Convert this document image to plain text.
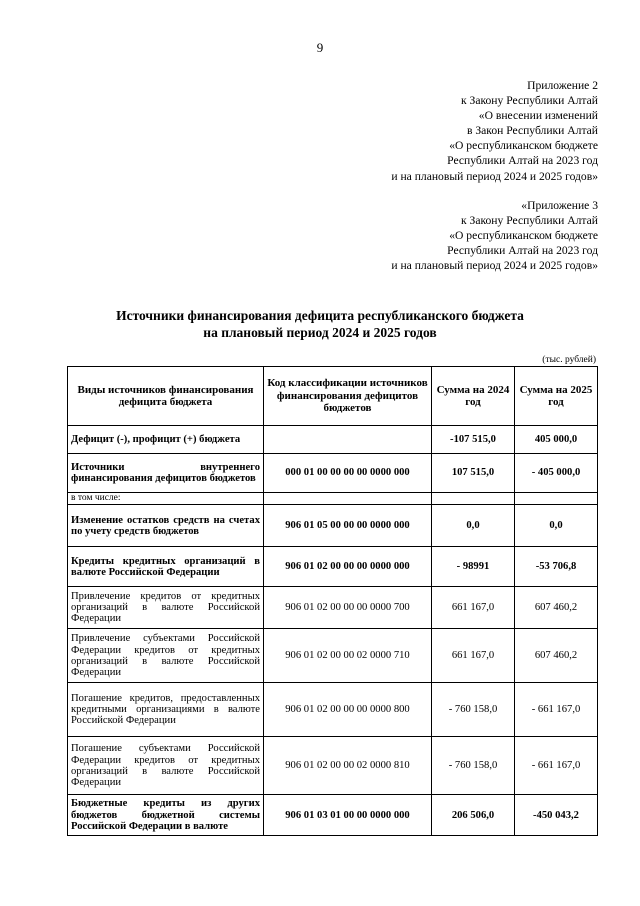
9
Приложение 2
к Закону Республики Алтай
«О внесении изменений
в Закон Республики Алтай
«О республиканском бюджете
Республики Алтай на 2023 год
и на плановый период 2024 и 2025 годов»
«Приложение 3
к Закону Республики Алтай
«О республиканском бюджете
Республики Алтай на 2023 год
и на плановый период 2024 и 2025 годов»
Источники финансирования дефицита республиканского бюджета
на плановый период 2024 и 2025 годов
(тыс. рублей)
Виды источников финансирования дефицита бюджета	Код классификации источников финансирования дефицитов бюджетов	Сумма на 2024 год	Сумма на 2025 год
Дефицит (-), профицит (+) бюджета		-107 515,0	405 000,0
Источники внутреннего финансирования дефицитов бюджетов	000 01 00 00 00 00 0000 000	107 515,0	- 405 000,0
в том числе:			
Изменение остатков средств на счетах по учету средств бюджетов	906 01 05 00 00 00 0000 000	0,0	0,0
Кредиты кредитных организаций в валюте Российской Федерации	906 01 02 00 00 00 0000 000	- 98991	-53 706,8
Привлечение кредитов от кредитных организаций в валюте Российской Федерации	906 01 02 00 00 00 0000 700	661 167,0	607 460,2
Привлечение субъектами Российской Федерации кредитов от кредитных организаций в валюте Российской Федерации	906 01 02 00 00 02 0000 710	661 167,0	607 460,2
Погашение кредитов, предоставленных кредитными организациями в валюте Российской Федерации	906 01 02 00 00 00 0000 800	- 760 158,0	- 661 167,0
Погашение субъектами Российской Федерации кредитов от кредитных организаций в валюте Российской Федерации	906 01 02 00 00 02 0000 810	- 760 158,0	- 661 167,0
Бюджетные кредиты из других бюджетов бюджетной системы Российской Федерации в валюте	906 01 03 01 00 00 0000 000	206 506,0	-450 043,2
